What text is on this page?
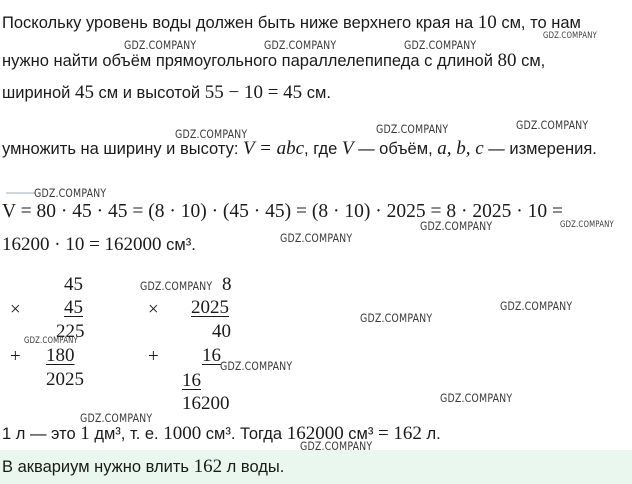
Поскольку уровень воды должен быть ниже верхнего края на 10 см, то нам
нужно найти объём прямоугольного параллелепипеда с длиной 80 см,
шириной 45 см и высотой 55 − 10 = 45 см.
умножить на ширину и высоту: V = abc, где V — объём, a, b, c — измерения.
V = 80 · 45 · 45 = (8 · 10) · (45 · 45) = (8 · 10) · 2025 = 8 · 2025 · 10 =
16200 · 10 = 162000 см³.
45
× 45
225
+ 180
2025
8
× 2025
40
+ 16
16
16200
1 л — это 1 дм³, т. е. 1000 см³. Тогда 162000 см³ = 162 л.
В аквариум нужно влить 162 л воды.
GDZ.COMPANY	GDZ.COMPANY	GDZ.COMPANY
GDZ.COMPANY
GDZ.COMPANY	GDZ.COMPANY	GDZ.COMPANY
GDZ.COMPANY
GDZ.COMPANY	GDZ.COMPANY
GDZ.COMPANY
GDZ.COMPANY
GDZ.COMPANY
GDZ.COMPANY
GDZ.COMPANY
GDZ.COMPANY
GDZ.COMPANY
GDZ.COMPANY
GDZ.COMPANY
